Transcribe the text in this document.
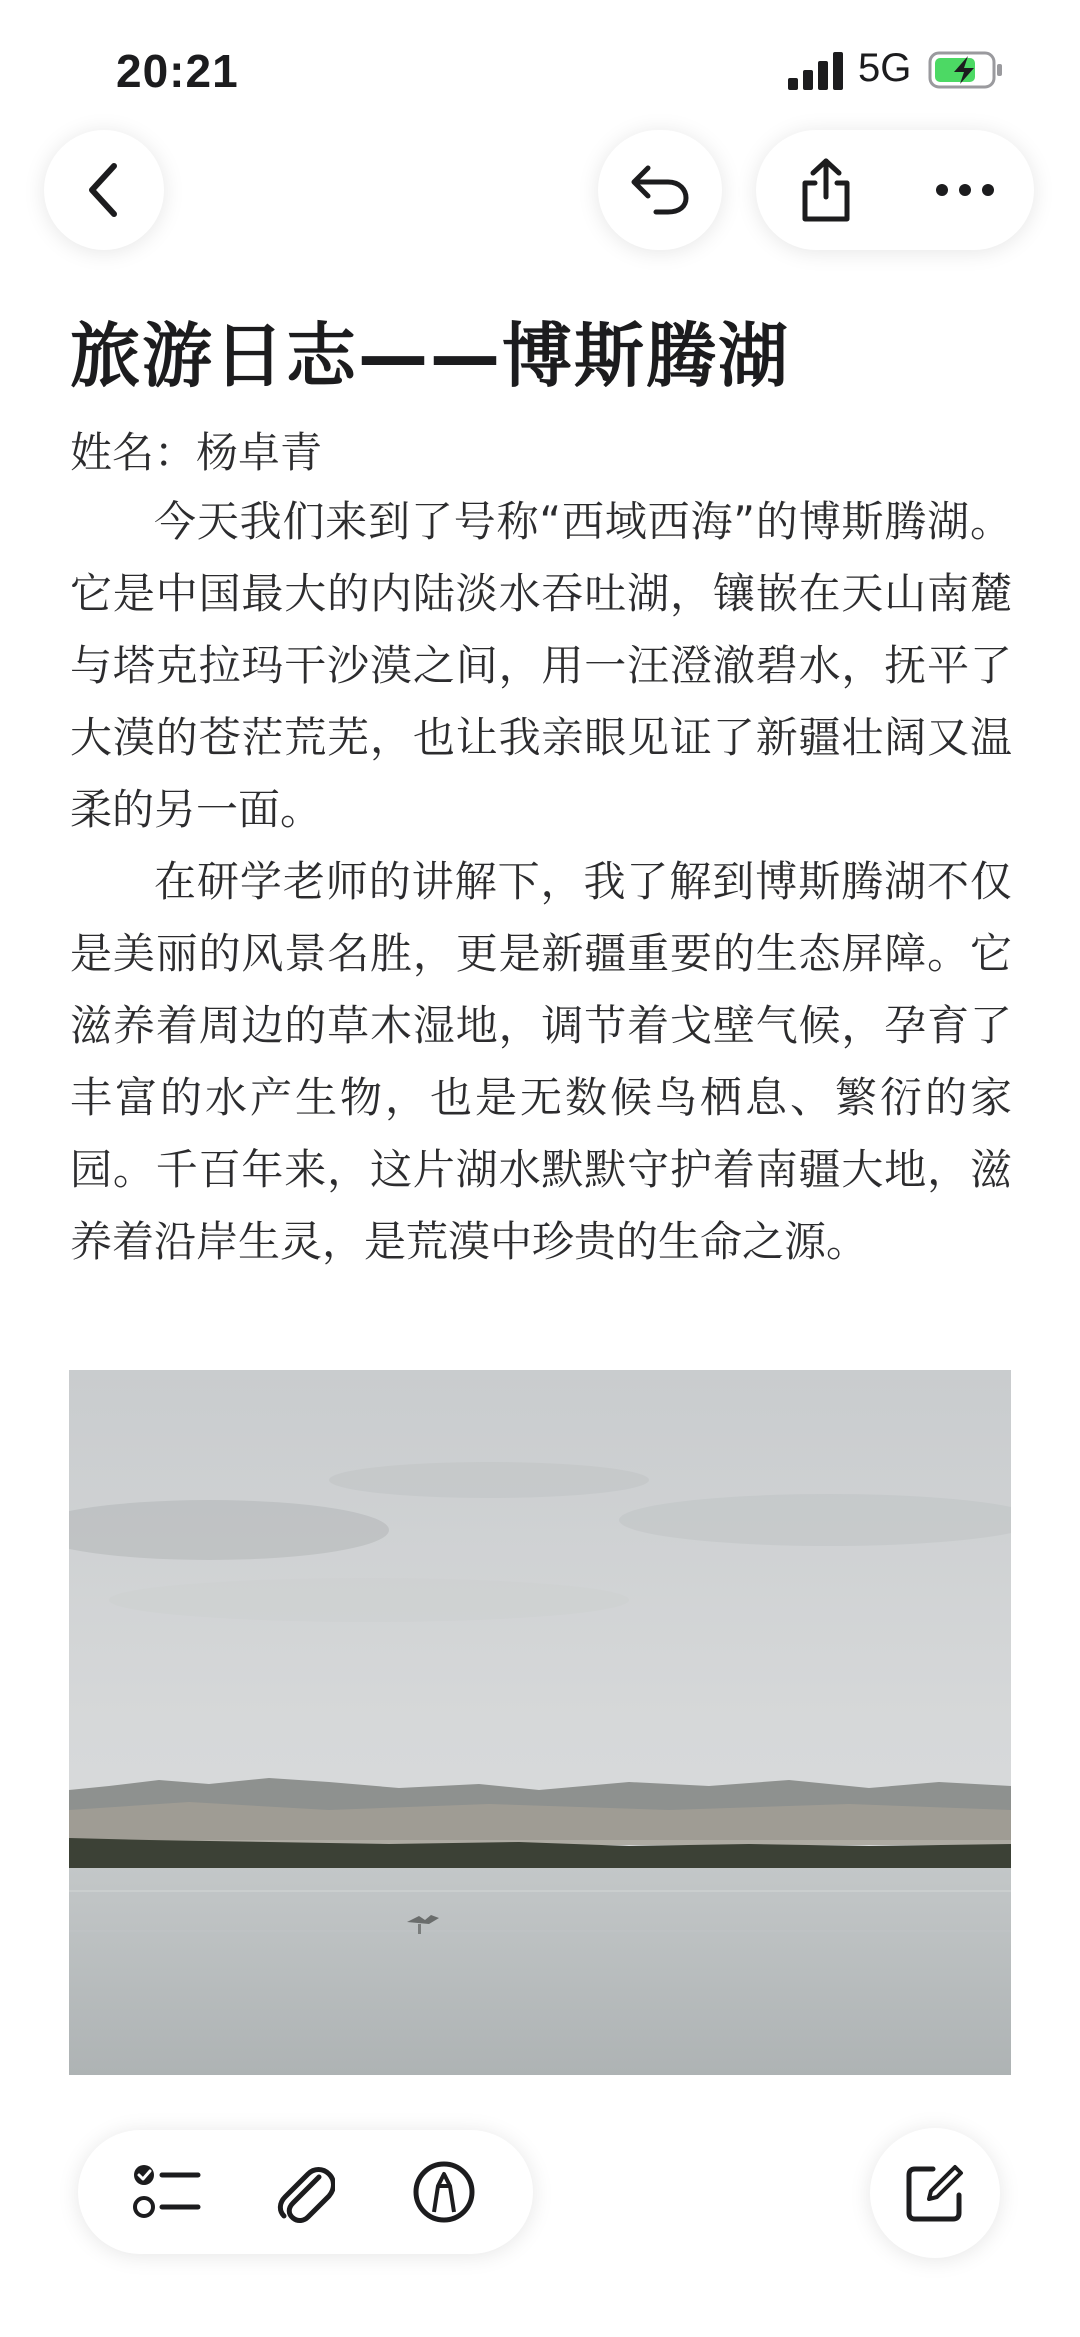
20:21	5G
旅游日志——博斯腾湖
姓名：杨卓青

今天我们来到了号称“西域西海”的博斯腾湖。它是中国最大的内陆淡水吞吐湖，镶嵌在天山南麓与塔克拉玛干沙漠之间，用一汪澄澈碧水，抚平了大漠的苍茫荒芜，也让我亲眼见证了新疆壮阔又温柔的另一面。

在研学老师的讲解下，我了解到博斯腾湖不仅是美丽的风景名胜，更是新疆重要的生态屏障。它滋养着周边的草木湿地，调节着戈壁气候，孕育了丰富的水产生物，也是无数候鸟栖息、繁衍的家园。千百年来，这片湖水默默守护着南疆大地，滋养着沿岸生灵，是荒漠中珍贵的生命之源。
